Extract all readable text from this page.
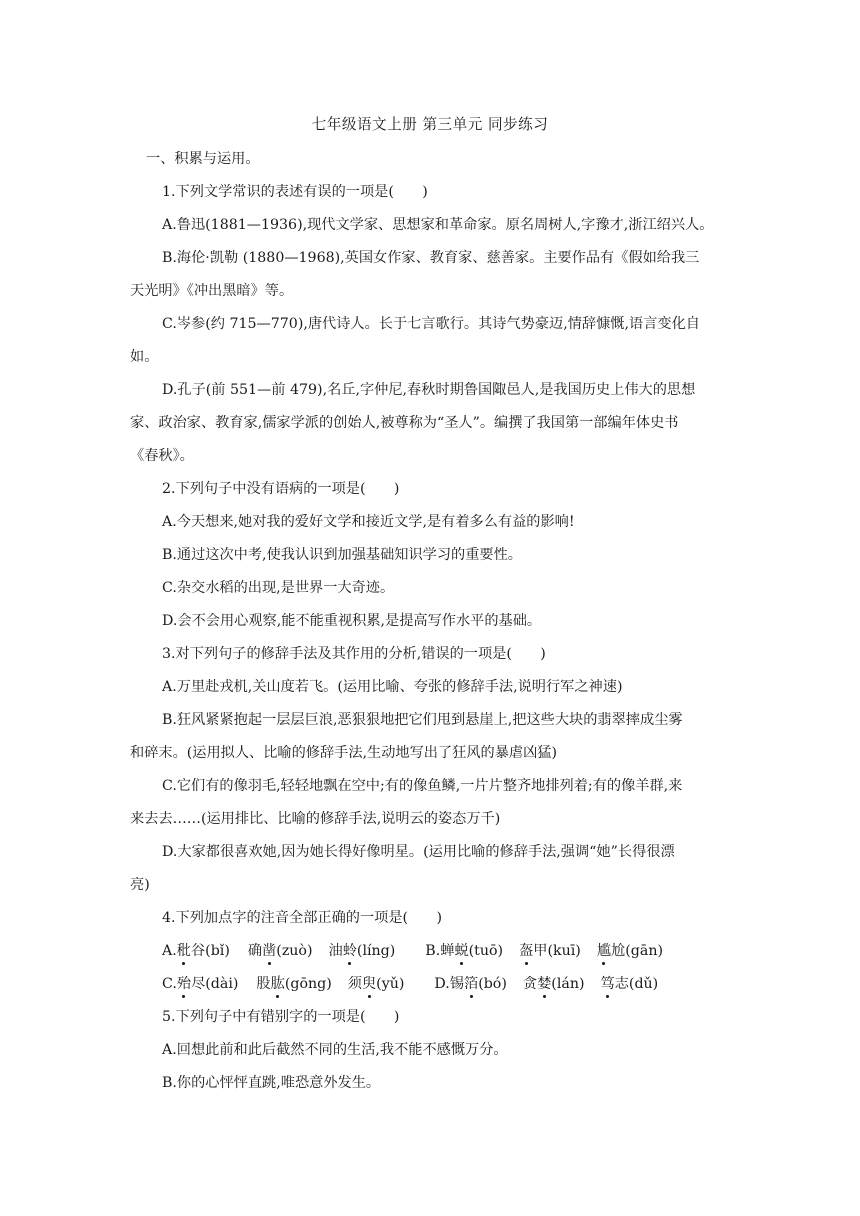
七年级语文上册 第三单元 同步练习
一、积累与运用。
1.下列文学常识的表述有误的一项是(　　)
A.鲁迅(1881—1936),现代文学家、思想家和革命家。原名周树人,字豫才,浙江绍兴人。
B.海伦·凯勒 (1880—1968),英国女作家、教育家、慈善家。主要作品有《假如给我三
天光明》《冲出黑暗》等。
C.岑参(约 715—770),唐代诗人。长于七言歌行。其诗气势豪迈,情辞慷慨,语言变化自
如。
D.孔子(前 551—前 479),名丘,字仲尼,春秋时期鲁国陬邑人,是我国历史上伟大的思想
家、政治家、教育家,儒家学派的创始人,被尊称为“圣人”。编撰了我国第一部编年体史书
《春秋》。
2.下列句子中没有语病的一项是(　　)
A.今天想来,她对我的爱好文学和接近文学,是有着多么有益的影响!
B.通过这次中考,使我认识到加强基础知识学习的重要性。
C.杂交水稻的出现,是世界一大奇迹。
D.会不会用心观察,能不能重视积累,是提高写作水平的基础。
3.对下列句子的修辞手法及其作用的分析,错误的一项是(　　)
A.万里赴戎机,关山度若飞。(运用比喻、夸张的修辞手法,说明行军之神速)
B.狂风紧紧抱起一层层巨浪,恶狠狠地把它们甩到悬崖上,把这些大块的翡翠摔成尘雾
和碎末。(运用拟人、比喻的修辞手法,生动地写出了狂风的暴虐凶猛)
C.它们有的像羽毛,轻轻地飘在空中;有的像鱼鳞,一片片整齐地排列着;有的像羊群,来
来去去……(运用排比、比喻的修辞手法,说明云的姿态万千)
D.大家都很喜欢她,因为她长得好像明星。(运用比喻的修辞手法,强调“她”长得很漂
亮)
4.下列加点字的注音全部正确的一项是(　　)
A.秕谷(bǐ) 确凿(zuò) 油蛉(líng) B.蝉蜕(tuō) 盔甲(kuī) 尴尬(gān)
C.殆尽(dài) 股肱(gōng) 须臾(yǔ) D.锡箔(bó) 贪婪(lán) 笃志(dǔ)
5.下列句子中有错别字的一项是(　　)
A.回想此前和此后截然不同的生活,我不能不感慨万分。
B.你的心怦怦直跳,唯恐意外发生。
